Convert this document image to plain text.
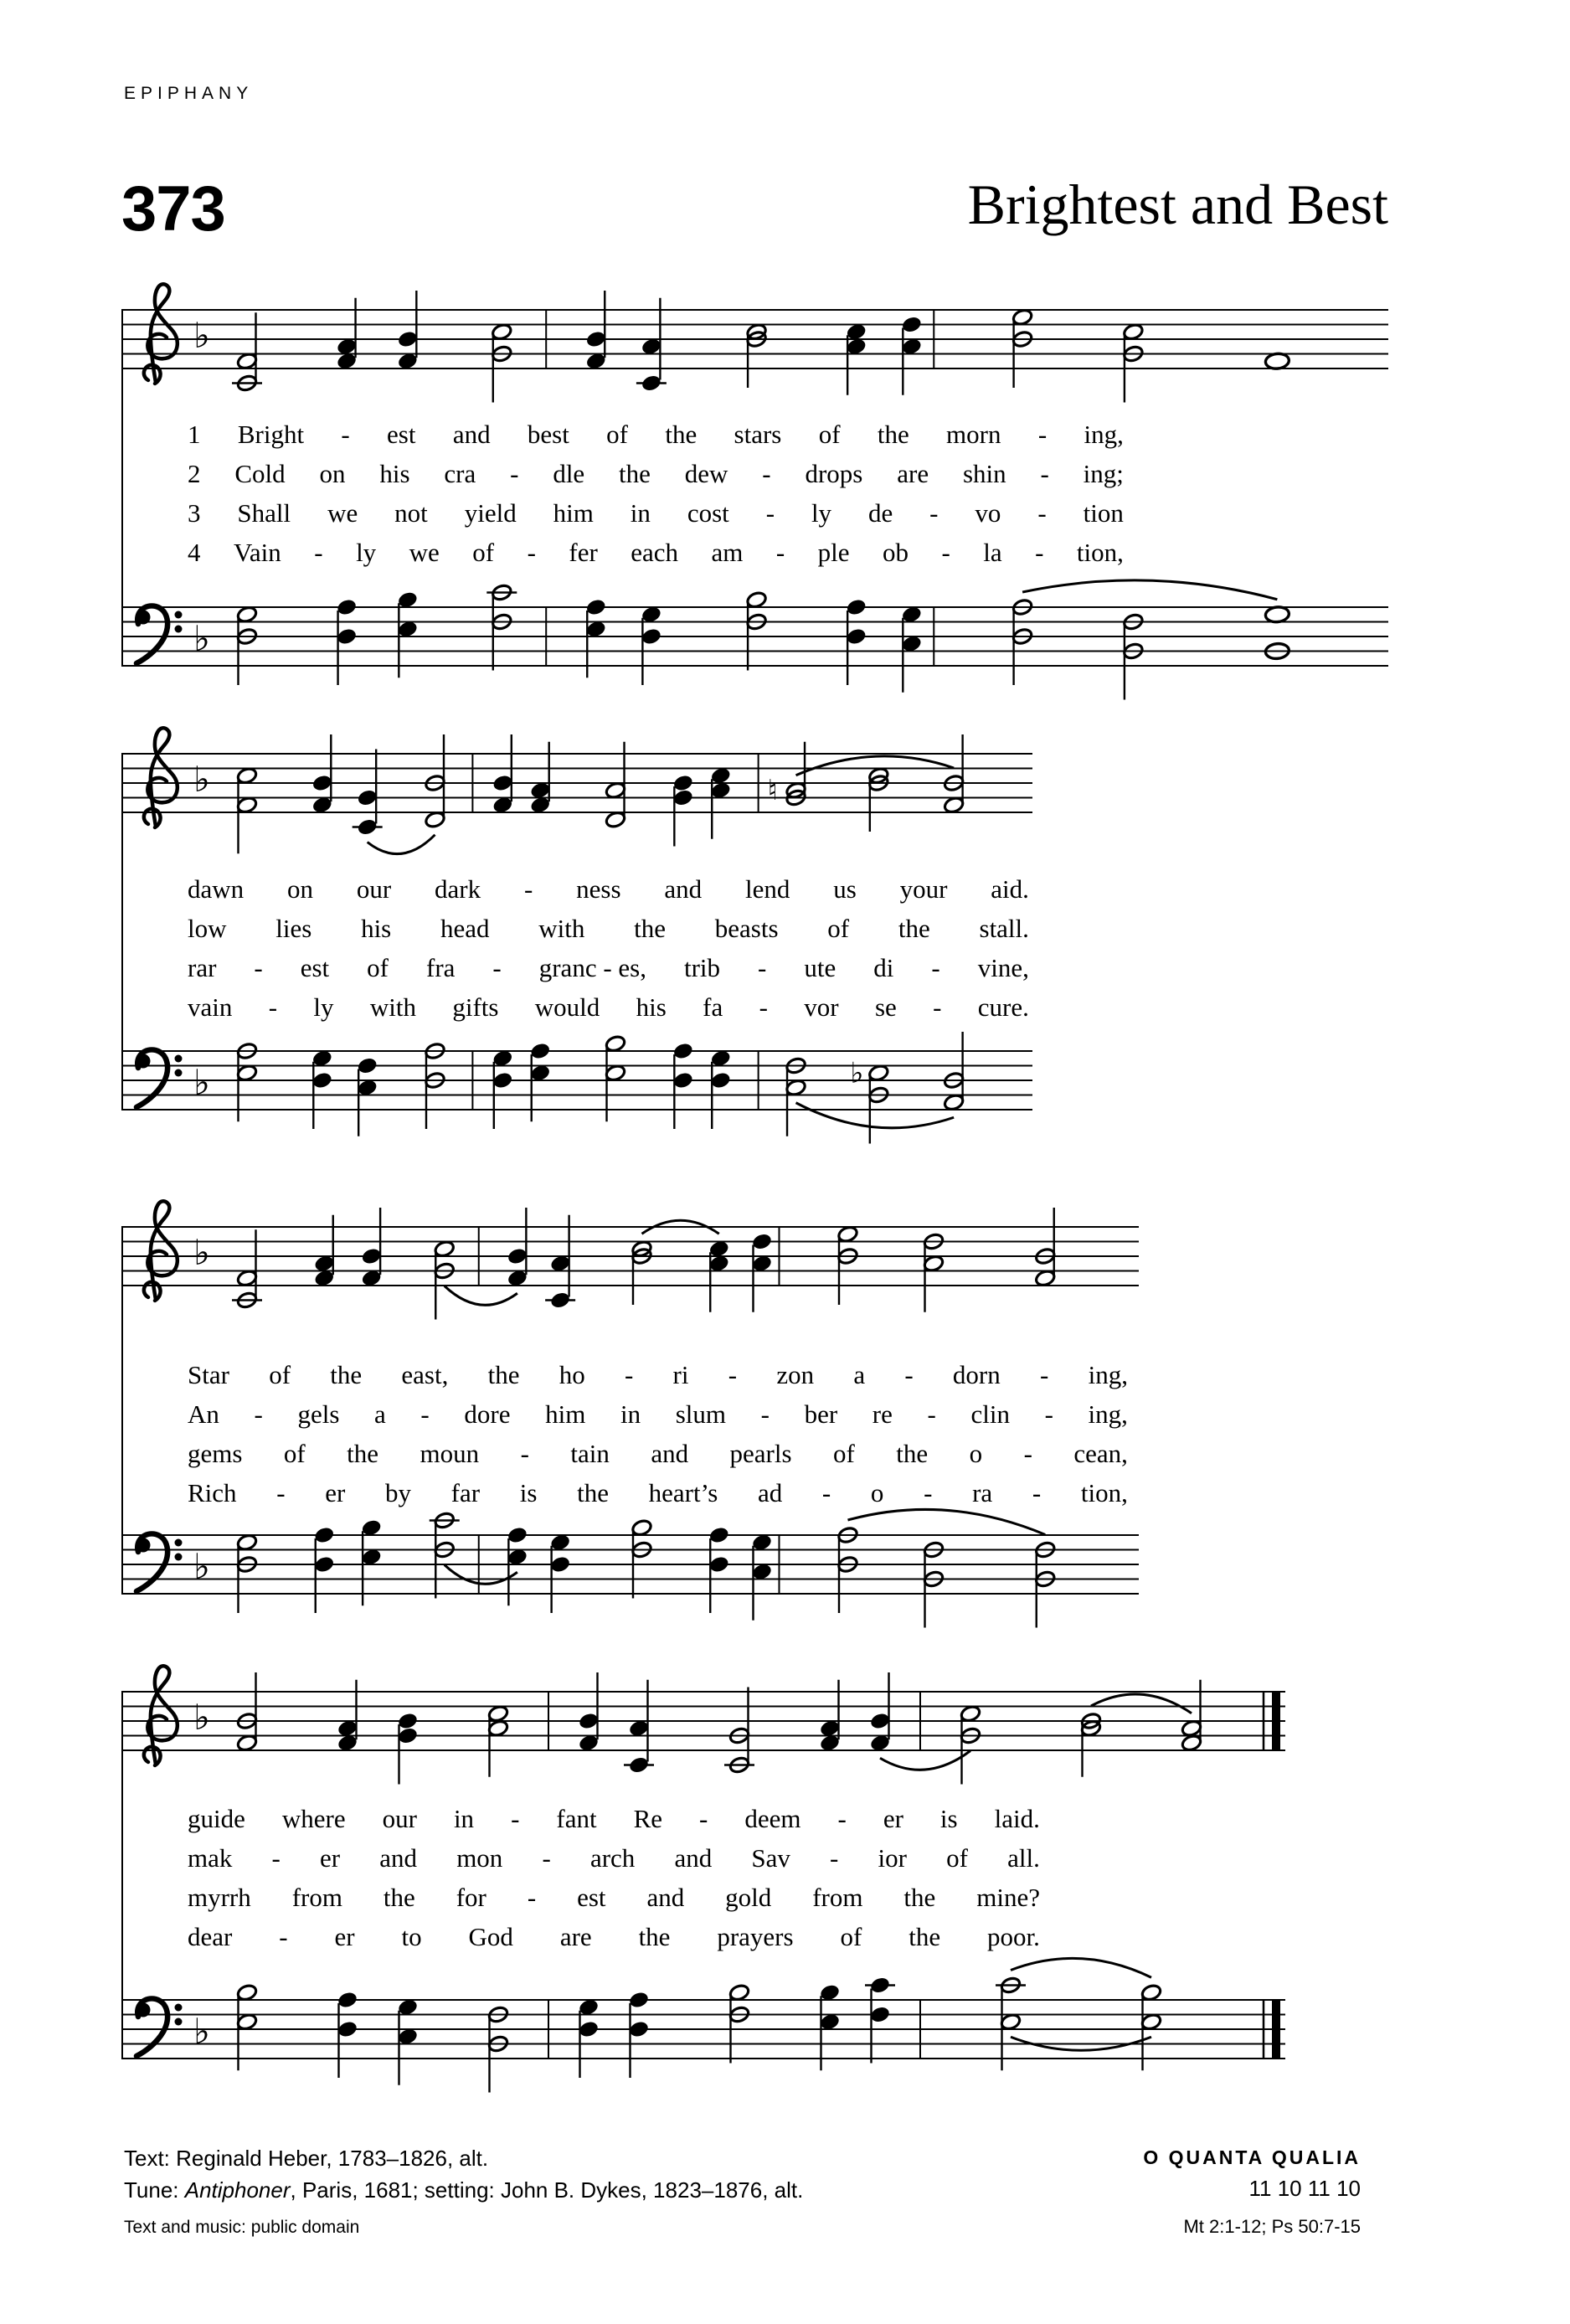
EPIPHANY
373	Brightest and Best
♭
♭
1 Bright - est and best of the stars of the morn - ing,
2 Cold on his cra - dle the dew - drops are shin - ing;
3 Shall we not yield him in cost - ly de - vo - tion
4 Vain - ly we of - fer each am - ple ob - la - tion,
♭	♮
♭	♭
dawn on our dark - ness and lend us your aid.
low lies his head with the beasts of the stall.
rar - est of fra - granc - es, trib - ute di - vine,
vain - ly with gifts would his fa - vor se - cure.
♭
♭
Star of the east, the ho - ri - zon a - dorn - ing,
An - gels a - dore him in slum - ber re - clin - ing,
gems of the moun - tain and pearls of the o - cean,
Rich - er by far is the heart’s ad - o - ra - tion,
♭
♭
guide where our in - fant Re - deem - er is laid.
mak - er and mon - arch and Sav - ior of all.
myrrh from the for - est and gold from the mine?
dear - er to God are the prayers of the poor.
Text: Reginald Heber, 1783–1826, alt.
Tune: Antiphoner, Paris, 1681; setting: John B. Dykes, 1823–1876, alt.
Text and music: public domain
O QUANTA QUALIA
11 10 11 10
Mt 2:1-12; Ps 50:7-15
